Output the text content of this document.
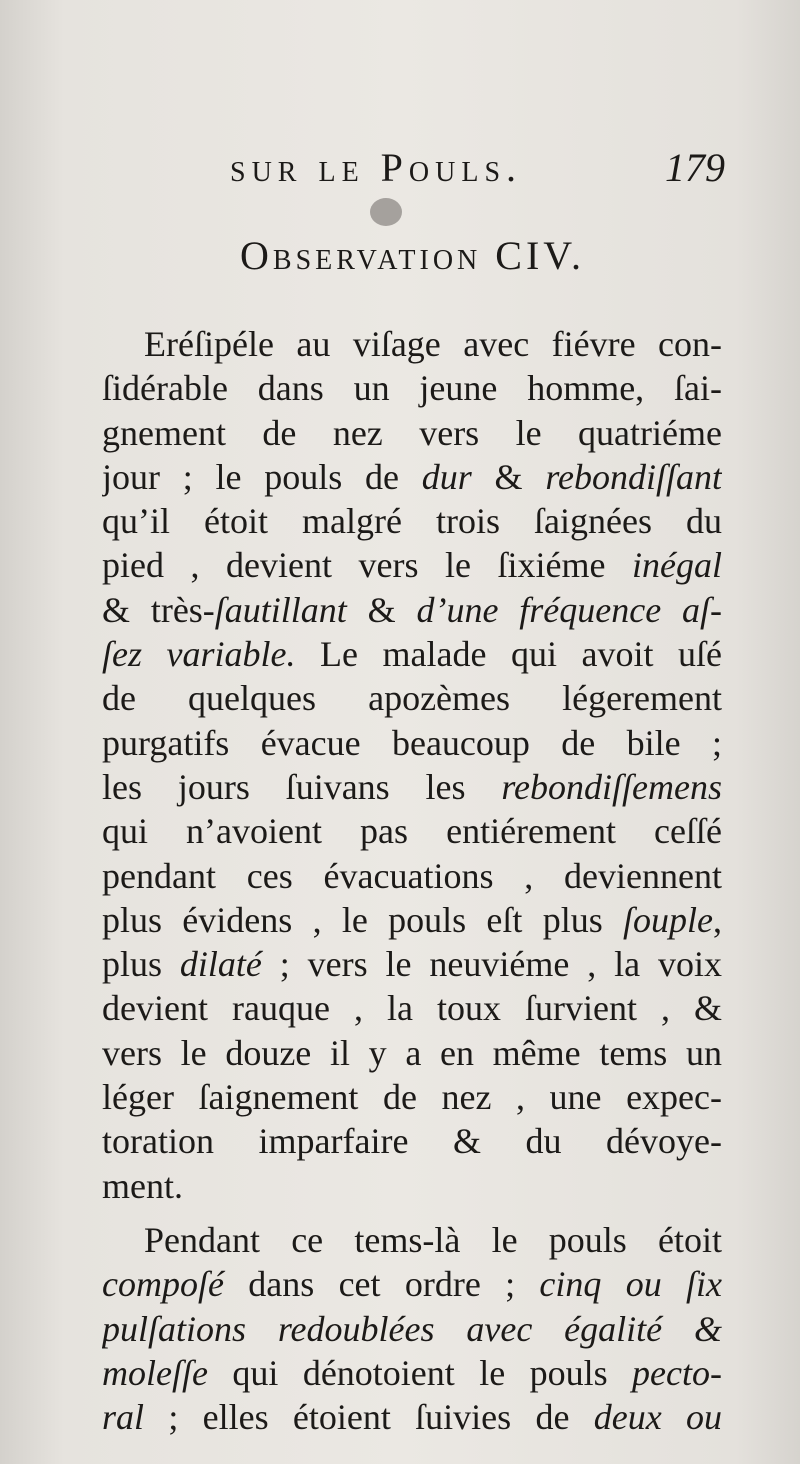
sur le Pouls.	179
Observation CIV.
Eréſipéle au viſage avec fiévre con-
ſidérable dans un jeune homme, ſai-
gnement de nez vers le quatriéme
jour ; le pouls de dur & rebondiſſant
qu’il étoit malgré trois ſaignées du
pied , devient vers le ſixiéme inégal
& très-ſautillant & d’une fréquence aſ-
ſez variable. Le malade qui avoit uſé
de quelques apozèmes légerement
purgatifs évacue beaucoup de bile ;
les jours ſuivans les rebondiſſemens
qui n’avoient pas entiérement ceſſé
pendant ces évacuations , deviennent
plus évidens , le pouls eſt plus ſouple,
plus dilaté ; vers le neuviéme , la voix
devient rauque , la toux ſurvient , &
vers le douze il y a en même tems un
léger ſaignement de nez , une expec-
toration imparfaire & du dévoye-
ment.
Pendant ce tems-là le pouls étoit
compoſé dans cet ordre ; cinq ou ſix
pulſations redoublées avec égalité &
moleſſe qui dénotoient le pouls pecto-
ral ; elles étoient ſuivies de deux ou
